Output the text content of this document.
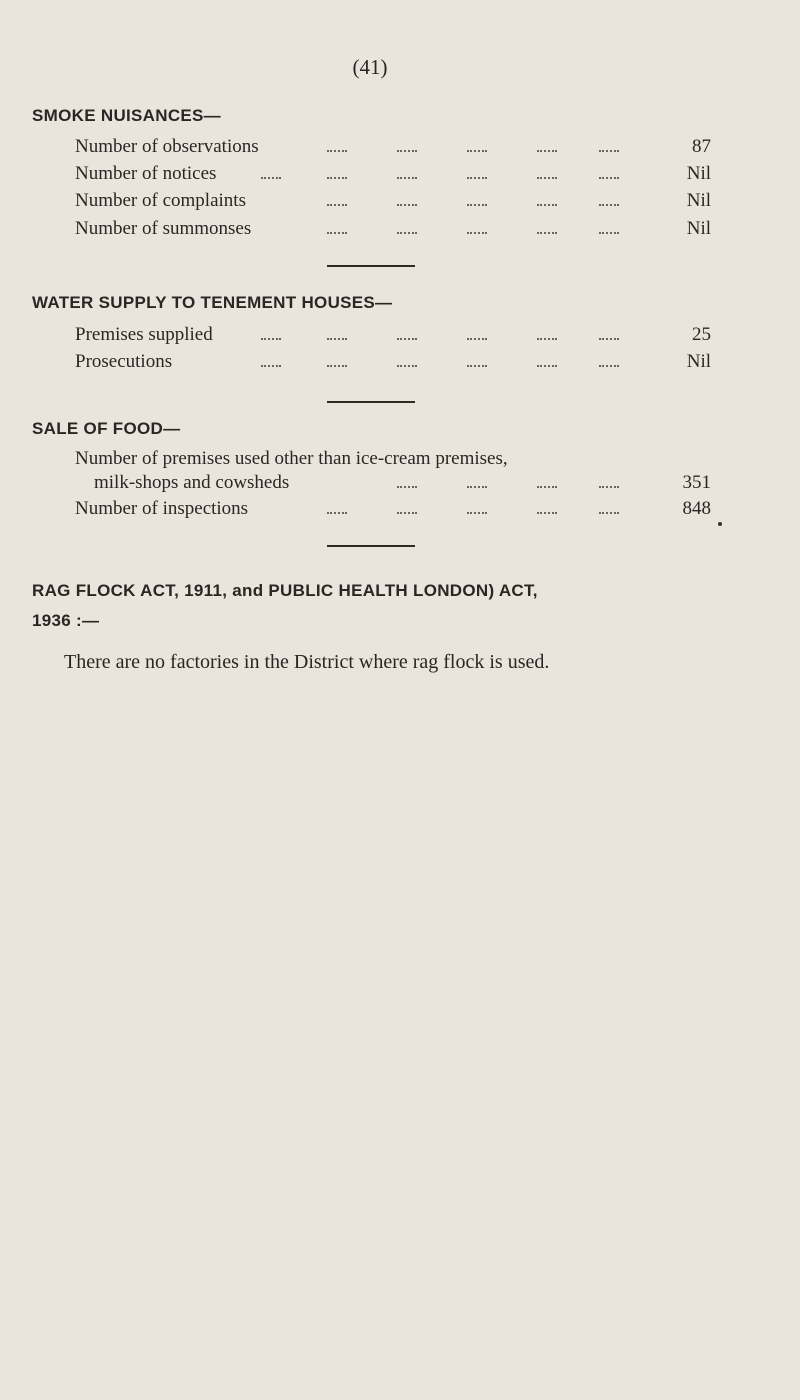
(41)
SMOKE NUISANCES—
Number of observations	87
Number of notices	Nil
Number of complaints	Nil
Number of summonses	Nil
WATER SUPPLY TO TENEMENT HOUSES—
Premises supplied	25
Prosecutions	Nil
SALE OF FOOD—
Number of premises used other than ice-cream premises,
milk-shops and cowsheds	351
Number of inspections	848
RAG FLOCK ACT, 1911, and PUBLIC HEALTH LONDON) ACT,
1936 :—
There are no factories in the District where rag flock is used.
